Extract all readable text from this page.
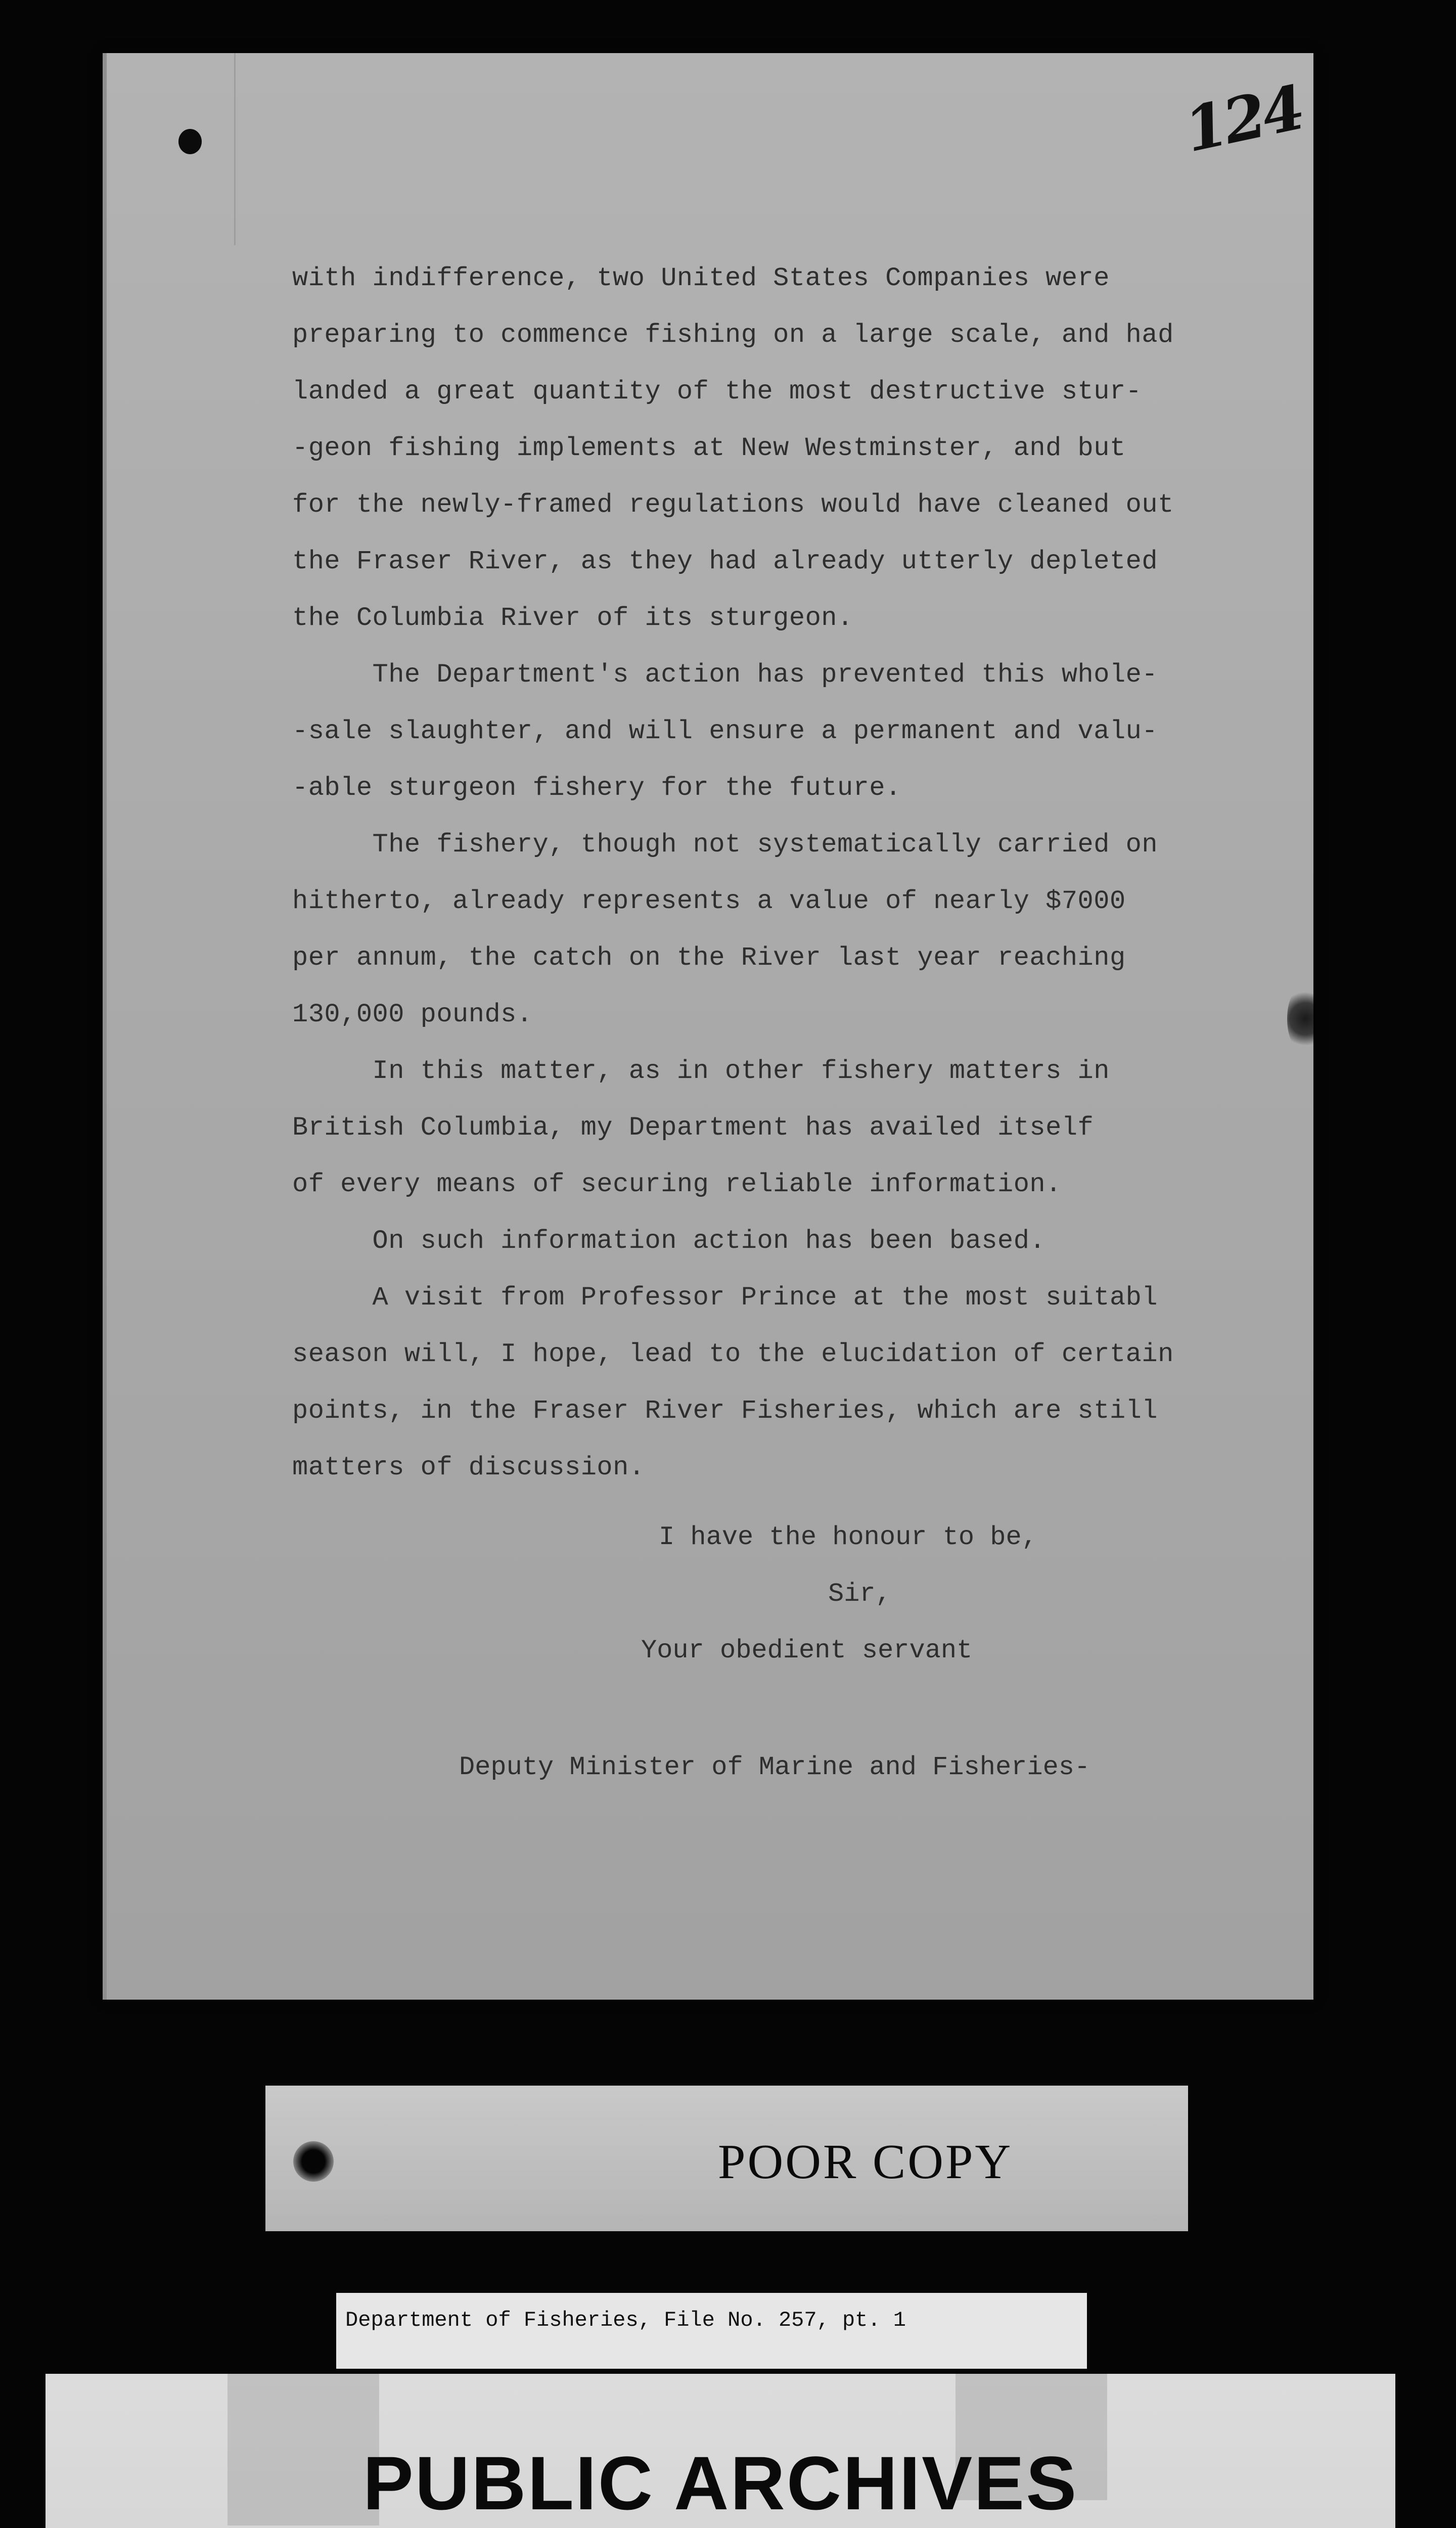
124
with indifference, two United States Companies were
preparing to commence fishing on a large scale, and had
landed a great quantity of the most destructive stur-
-geon fishing implements at New Westminster, and but
for the newly-framed regulations would have cleaned out
the Fraser River, as they had already utterly depleted
the Columbia River of its sturgeon.
The Department's action has prevented this whole-
-sale slaughter, and will ensure a permanent and valu-
-able sturgeon fishery for the future.
The fishery, though not systematically carried on
hitherto, already represents a value of nearly $7000
per annum, the catch on the River last year reaching
130,000 pounds.
In this matter, as in other fishery matters in
British Columbia, my Department has availed itself
of every means of securing reliable information.
On such information action has been based.
A visit from Professor Prince at the most suitabl
season will, I hope, lead to the elucidation of certain
points, in the Fraser River Fisheries, which are still
matters of discussion.
I have the honour to be,
Sir,
Your obedient servant
Deputy Minister of Marine and Fisheries-
POOR COPY
Department of Fisheries, File No. 257, pt. 1
PUBLIC ARCHIVES
